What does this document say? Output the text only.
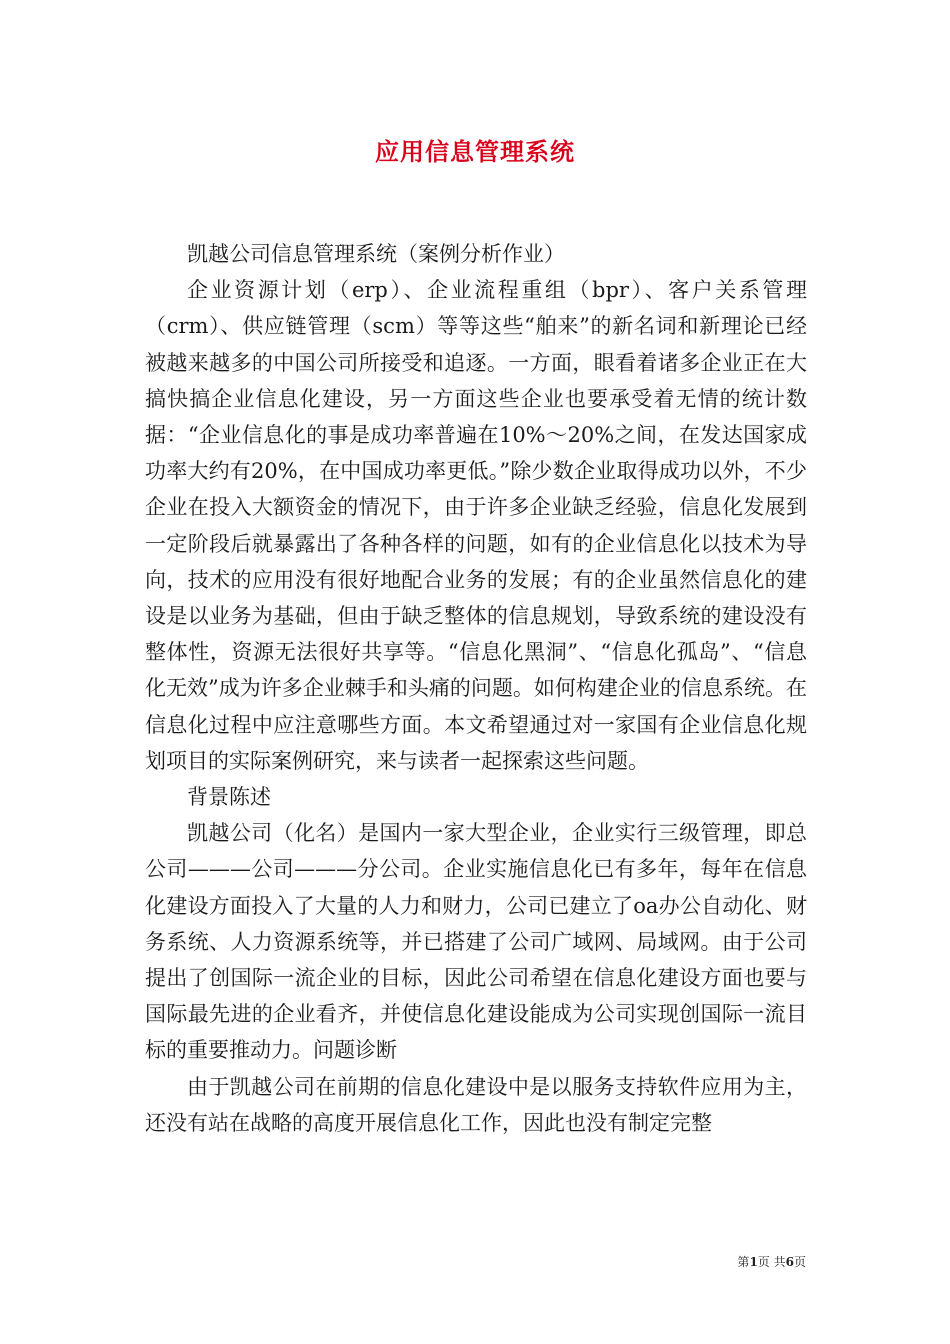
应用信息管理系统

凯越公司信息管理系统（案例分析作业）

企业资源计划（erp）、企业流程重组（bpr）、客户关系管理（crm）、供应链管理（scm）等等这些“舶来”的新名词和新理论已经被越来越多的中国公司所接受和追逐。一方面，眼看着诸多企业正在大搞快搞企业信息化建设，另一方面这些企业也要承受着无情的统计数据：“企业信息化的事是成功率普遍在10%～20%之间，在发达国家成功率大约有20%，在中国成功率更低。”除少数企业取得成功以外，不少企业在投入大额资金的情况下，由于许多企业缺乏经验，信息化发展到一定阶段后就暴露出了各种各样的问题，如有的企业信息化以技术为导向，技术的应用没有很好地配合业务的发展；有的企业虽然信息化的建设是以业务为基础，但由于缺乏整体的信息规划，导致系统的建设没有整体性，资源无法很好共享等。“信息化黑洞”、“信息化孤岛”、“信息化无效”成为许多企业棘手和头痛的问题。如何构建企业的信息系统。在信息化过程中应注意哪些方面。本文希望通过对一家国有企业信息化规划项目的实际案例研究，来与读者一起探索这些问题。

背景陈述

凯越公司（化名）是国内一家大型企业，企业实行三级管理，即总公司———公司———分公司。企业实施信息化已有多年，每年在信息化建设方面投入了大量的人力和财力，公司已建立了oa办公自动化、财务系统、人力资源系统等，并已搭建了公司广域网、局域网。由于公司提出了创国际一流企业的目标，因此公司希望在信息化建设方面也要与国际最先进的企业看齐，并使信息化建设能成为公司实现创国际一流目标的重要推动力。问题诊断

由于凯越公司在前期的信息化建设中是以服务支持软件应用为主，还没有站在战略的高度开展信息化工作，因此也没有制定完整

第1页 共6页
